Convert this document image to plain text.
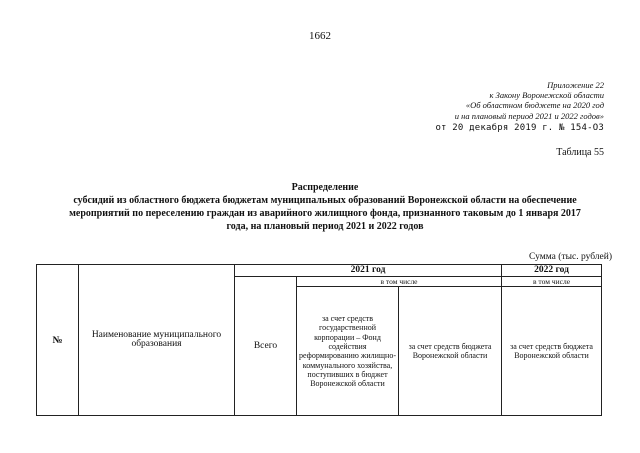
1662
Приложение 22
к Закону Воронежской области
«Об областном бюджете на 2020 год
и на плановый период 2021 и 2022 годов»
от 20 декабря 2019 г. № 154-ОЗ
Таблица 55
Распределение
субсидий из областного бюджета бюджетам муниципальных образований Воронежской области на обеспечение
мероприятий по переселению граждан из аварийного жилищного фонда, признанного таковым до 1 января 2017
года, на плановый период 2021 и 2022 годов
Сумма (тыс. рублей)
№	Наименование муниципального образования	2021 год			2022 год
		Всего	в том числе		в том числе
			за счет средств государственной корпорации – Фонд содействия реформированию жилищно-коммунального хозяйства, поступивших в бюджет Воронежской области	за счет средств бюджета Воронежской области	за счет средств бюджета Воронежской области
